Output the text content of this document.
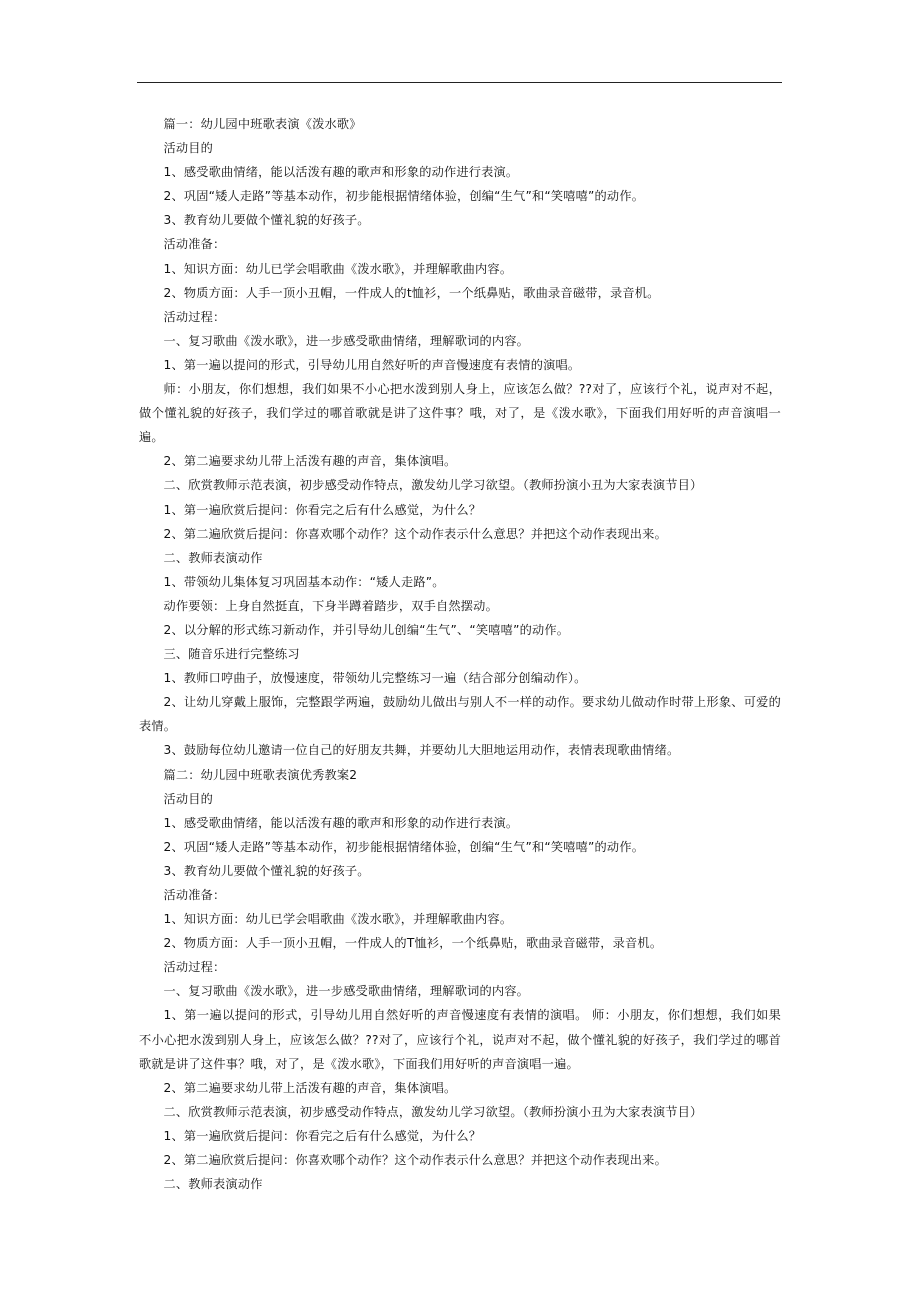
篇一：幼儿园中班歌表演《泼水歌》

活动目的

1、感受歌曲情绪，能以活泼有趣的歌声和形象的动作进行表演。

2、巩固“矮人走路”等基本动作，初步能根据情绪体验，创编“生气”和“笑嘻嘻”的动作。

3、教育幼儿要做个懂礼貌的好孩子。

活动准备：

1、知识方面：幼儿已学会唱歌曲《泼水歌》，并理解歌曲内容。

2、物质方面：人手一顶小丑帽，一件成人的t恤衫，一个纸鼻贴，歌曲录音磁带，录音机。

活动过程：

一、复习歌曲《泼水歌》，进一步感受歌曲情绪，理解歌词的内容。

1、第一遍以提问的形式，引导幼儿用自然好听的声音慢速度有表情的演唱。

师：小朋友，你们想想，我们如果不小心把水泼到别人身上，应该怎么做？??对了，应该行个礼，说声对不起，做个懂礼貌的好孩子，我们学过的哪首歌就是讲了这件事？哦，对了，是《泼水歌》，下面我们用好听的声音演唱一遍。

2、第二遍要求幼儿带上活泼有趣的声音，集体演唱。

二、欣赏教师示范表演，初步感受动作特点，激发幼儿学习欲望。（教师扮演小丑为大家表演节目）

1、第一遍欣赏后提问：你看完之后有什么感觉，为什么？

2、第二遍欣赏后提问：你喜欢哪个动作？这个动作表示什么意思？并把这个动作表现出来。

二、教师表演动作

1、带领幼儿集体复习巩固基本动作：“矮人走路”。

动作要领：上身自然挺直，下身半蹲着踏步，双手自然摆动。

2、以分解的形式练习新动作，并引导幼儿创编“生气”、“笑嘻嘻”的动作。

三、随音乐进行完整练习

1、教师口哼曲子，放慢速度，带领幼儿完整练习一遍（结合部分创编动作）。

2、让幼儿穿戴上服饰，完整跟学两遍，鼓励幼儿做出与别人不一样的动作。要求幼儿做动作时带上形象、可爱的表情。

3、鼓励每位幼儿邀请一位自己的好朋友共舞，并要幼儿大胆地运用动作，表情表现歌曲情绪。

篇二：幼儿园中班歌表演优秀教案2

活动目的

1、感受歌曲情绪，能以活泼有趣的歌声和形象的动作进行表演。

2、巩固“矮人走路”等基本动作，初步能根据情绪体验，创编“生气”和“笑嘻嘻”的动作。

3、教育幼儿要做个懂礼貌的好孩子。

活动准备：

1、知识方面：幼儿已学会唱歌曲《泼水歌》，并理解歌曲内容。

2、物质方面：人手一顶小丑帽，一件成人的T恤衫，一个纸鼻贴，歌曲录音磁带，录音机。

活动过程：

一、复习歌曲《泼水歌》，进一步感受歌曲情绪，理解歌词的内容。

1、第一遍以提问的形式，引导幼儿用自然好听的声音慢速度有表情的演唱。 师：小朋友，你们想想，我们如果不小心把水泼到别人身上，应该怎么做？??对了，应该行个礼，说声对不起，做个懂礼貌的好孩子，我们学过的哪首歌就是讲了这件事？哦，对了，是《泼水歌》，下面我们用好听的声音演唱一遍。

2、第二遍要求幼儿带上活泼有趣的声音，集体演唱。

二、欣赏教师示范表演，初步感受动作特点，激发幼儿学习欲望。（教师扮演小丑为大家表演节目）

1、第一遍欣赏后提问：你看完之后有什么感觉，为什么？

2、第二遍欣赏后提问：你喜欢哪个动作？这个动作表示什么意思？并把这个动作表现出来。

二、教师表演动作
